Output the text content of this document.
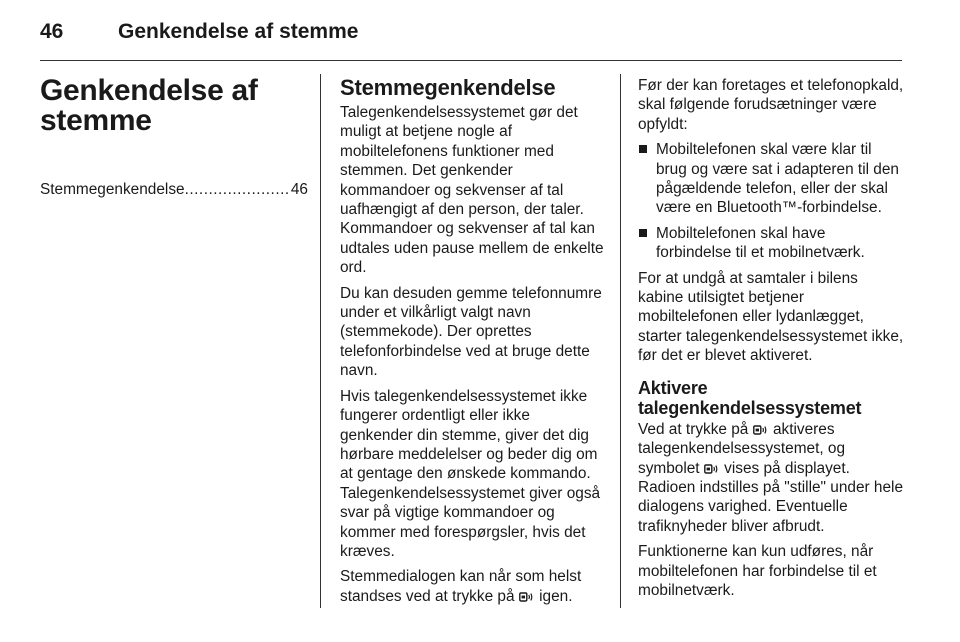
46	Genkendelse af stemme
Genkendelse af stemme
Stemmegenkendelse
.....	46
Stemmegenkendelse

Talegenkendelsessystemet gør det muligt at betjene nogle af mobiltelefonens funktioner med stemmen. Det genkender kommandoer og sekvenser af tal uafhængigt af den person, der taler. Kommandoer og sekvenser af tal kan udtales uden pause mellem de enkelte ord.

Du kan desuden gemme telefonnumre under et vilkårligt valgt navn (stemmekode). Der oprettes telefonforbindelse ved at bruge dette navn.

Hvis talegenkendelsessystemet ikke fungerer ordentligt eller ikke genkender din stemme, giver det dig hørbare meddelelser og beder dig om at gentage den ønskede kommando. Talegenkendelsessystemet giver også svar på vigtige kommandoer og kommer med forespørgsler, hvis det kræves.

Stemmedialogen kan når som helst standses ved at trykke på igen.

Før der kan foretages et telefonopkald, skal følgende forudsætninger være opfyldt:

Mobiltelefonen skal være klar til brug og være sat i adapteren til den pågældende telefon, eller der skal være en Bluetooth™-forbindelse.
Mobiltelefonen skal have forbindelse til et mobilnetværk.

For at undgå at samtaler i bilens kabine utilsigtet betjener mobiltelefonen eller lydanlægget, starter talegenkendelsessystemet ikke, før det er blevet aktiveret.

Aktivere talegenkendelsessystemet

Ved at trykke på aktiveres talegenkendelsessystemet, og symbolet vises på displayet. Radioen indstilles på "stille" under hele dialogens varighed. Eventuelle trafiknyheder bliver afbrudt.

Funktionerne kan kun udføres, når mobiltelefonen har forbindelse til et mobilnetværk.
